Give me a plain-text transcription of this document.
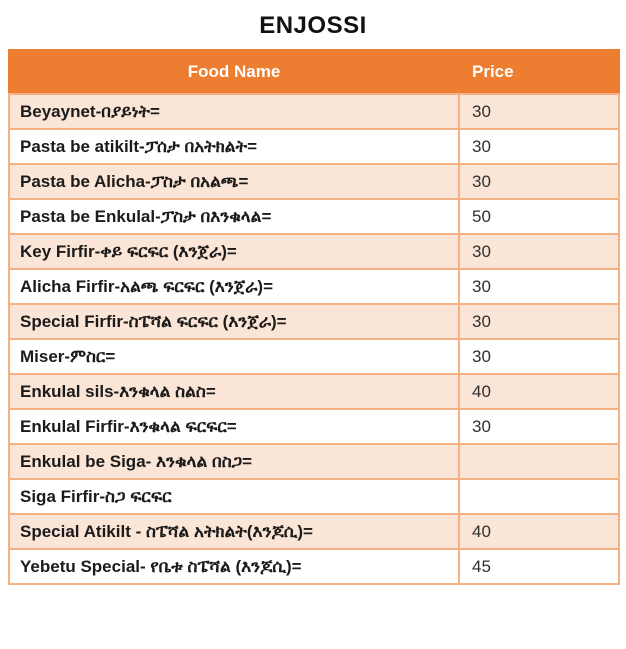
ENJOSSI
Food Name	Price
Beyaynet-በያይነት=	30
Pasta be atikilt-ፓሰታ በአትክልት=	30
Pasta be Alicha-ፓስታ በአልጫ=	30
Pasta be Enkulal-ፓስታ በእንቁላል=	50
Key Firfir-ቀይ ፍርፍር (እንጀራ)=	30
Alicha Firfir-አልጫ ፍርፍር (እንጀራ)=	30
Special Firfir-ስፔሻል ፍርፍር (እንጀራ)=	30
Miser-ምስር=	30
Enkulal sils-እንቁላል ስልስ=	40
Enkulal Firfir-እንቁላል ፍርፍር=	30
Enkulal be Siga- እንቁላል በስጋ=	
Siga Firfir-ስጋ ፍርፍር	
Special Atikilt - ስፔሻል አትክልት(እንጆሲ)=	40
Yebetu Special- የቤቱ ስፔሻል (እንጆሲ)=	45
